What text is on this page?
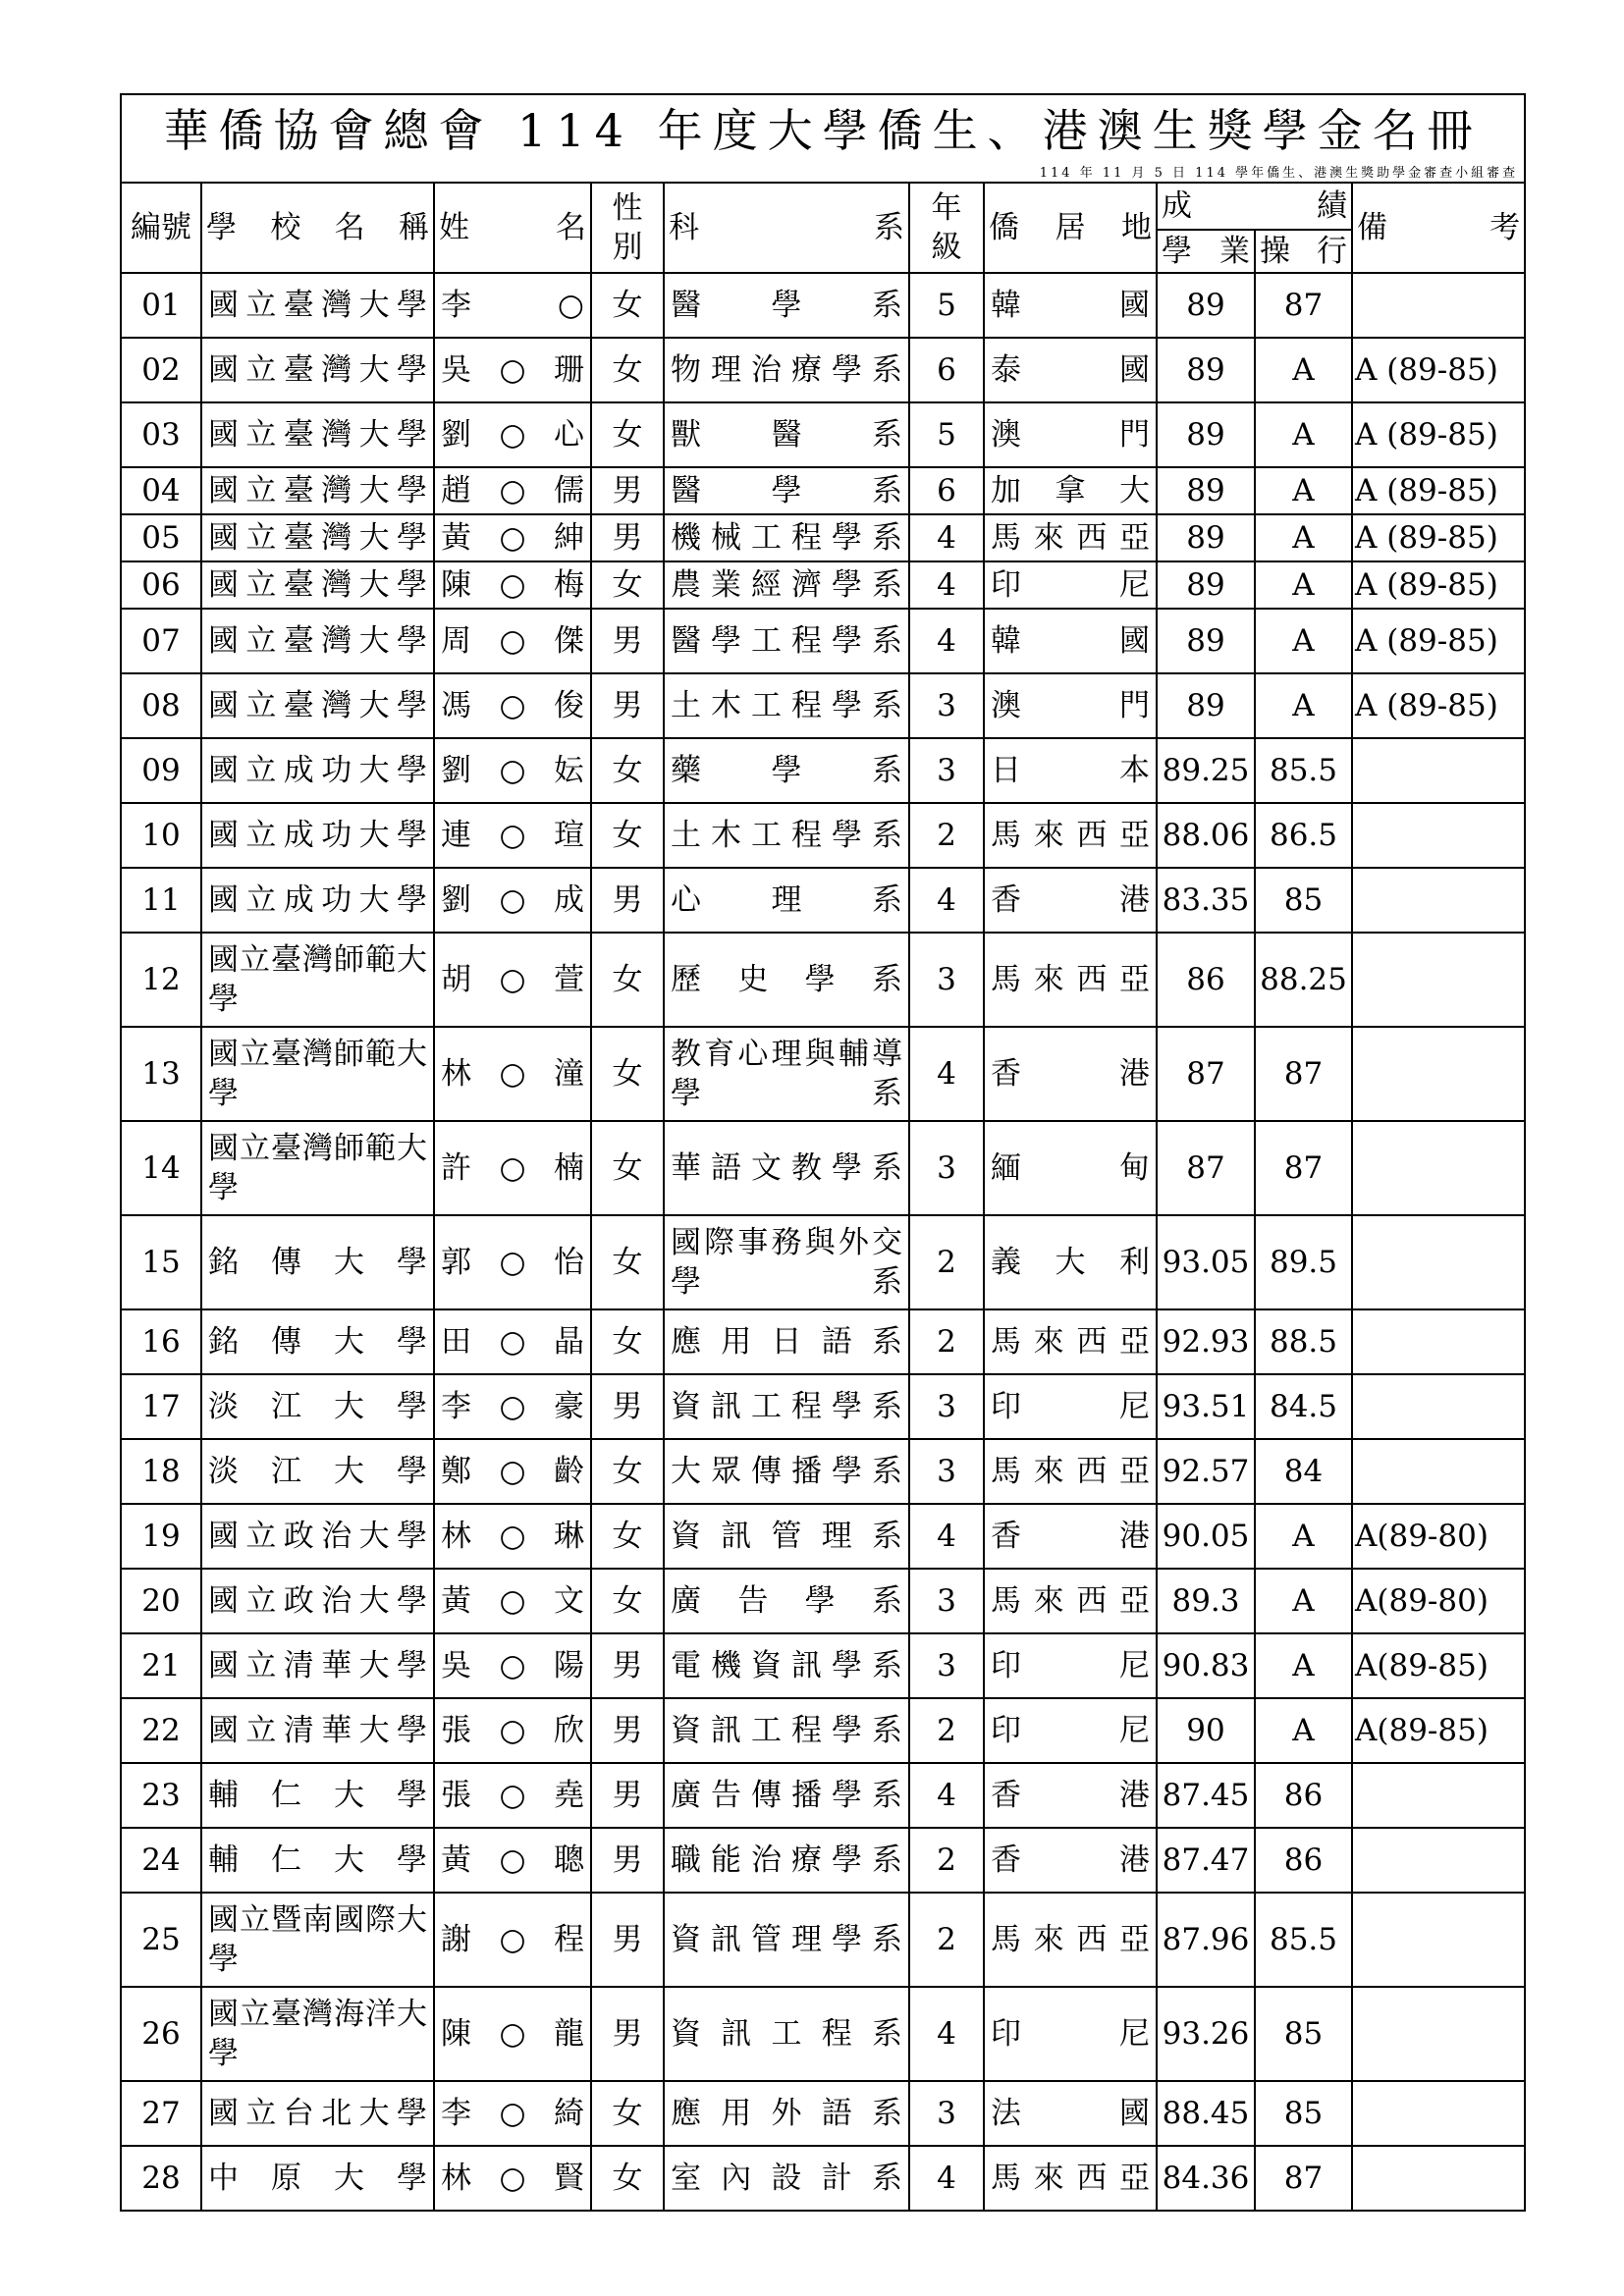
華僑協會總會 114 年度大學僑生、港澳生獎學金名冊
114 年 11 月 5 日 114 學年僑生、港澳生獎助學金審查小組審查									

編號	學校名稱	姓名	性別	科系	年級	僑居地	成績		備考

							學業	操行	

01	國立臺灣大學	李　　○	女	醫學系	5	韓國	89	87	
02	國立臺灣大學	吳○珊	女	物理治療學系	6	泰國	89	A	A (89-85)
03	國立臺灣大學	劉○心	女	獸醫系	5	澳門	89	A	A (89-85)
04	國立臺灣大學	趙○儒	男	醫學系	6	加拿大	89	A	A (89-85)
05	國立臺灣大學	黃○紳	男	機械工程學系	4	馬來西亞	89	A	A (89-85)
06	國立臺灣大學	陳○梅	女	農業經濟學系	4	印尼	89	A	A (89-85)
07	國立臺灣大學	周○傑	男	醫學工程學系	4	韓國	89	A	A (89-85)
08	國立臺灣大學	馮○俊	男	土木工程學系	3	澳門	89	A	A (89-85)
09	國立成功大學	劉○妘	女	藥學系	3	日本	89.25	85.5	
10	國立成功大學	連○瑄	女	土木工程學系	2	馬來西亞	88.06	86.5	
11	國立成功大學	劉○成	男	心理系	4	香港	83.35	85	
12	國立臺灣師範大學	胡○萱	女	歷史學系	3	馬來西亞	86	88.25	
13	國立臺灣師範大學	林○潼	女	教育心理與輔導學系	4	香港	87	87	
14	國立臺灣師範大學	許○楠	女	華語文教學系	3	緬甸	87	87	
15	銘傳大學	郭○怡	女	國際事務與外交學系	2	義大利	93.05	89.5	
16	銘傳大學	田○晶	女	應用日語系	2	馬來西亞	92.93	88.5	
17	淡江大學	李○豪	男	資訊工程學系	3	印尼	93.51	84.5	
18	淡江大學	鄭○齡	女	大眾傳播學系	3	馬來西亞	92.57	84	
19	國立政治大學	林○琳	女	資訊管理系	4	香港	90.05	A	A(89-80)
20	國立政治大學	黃○文	女	廣告學系	3	馬來西亞	89.3	A	A(89-80)
21	國立清華大學	吳○陽	男	電機資訊學系	3	印尼	90.83	A	A(89-85)
22	國立清華大學	張○欣	男	資訊工程學系	2	印尼	90	A	A(89-85)
23	輔仁大學	張○堯	男	廣告傳播學系	4	香港	87.45	86	
24	輔仁大學	黃○聰	男	職能治療學系	2	香港	87.47	86	
25	國立暨南國際大學	謝○程	男	資訊管理學系	2	馬來西亞	87.96	85.5	
26	國立臺灣海洋大學	陳○龍	男	資訊工程系	4	印尼	93.26	85	
27	國立台北大學	李○綺	女	應用外語系	3	法國	88.45	85	
28	中原大學	林○賢	女	室內設計系	4	馬來西亞	84.36	87	
